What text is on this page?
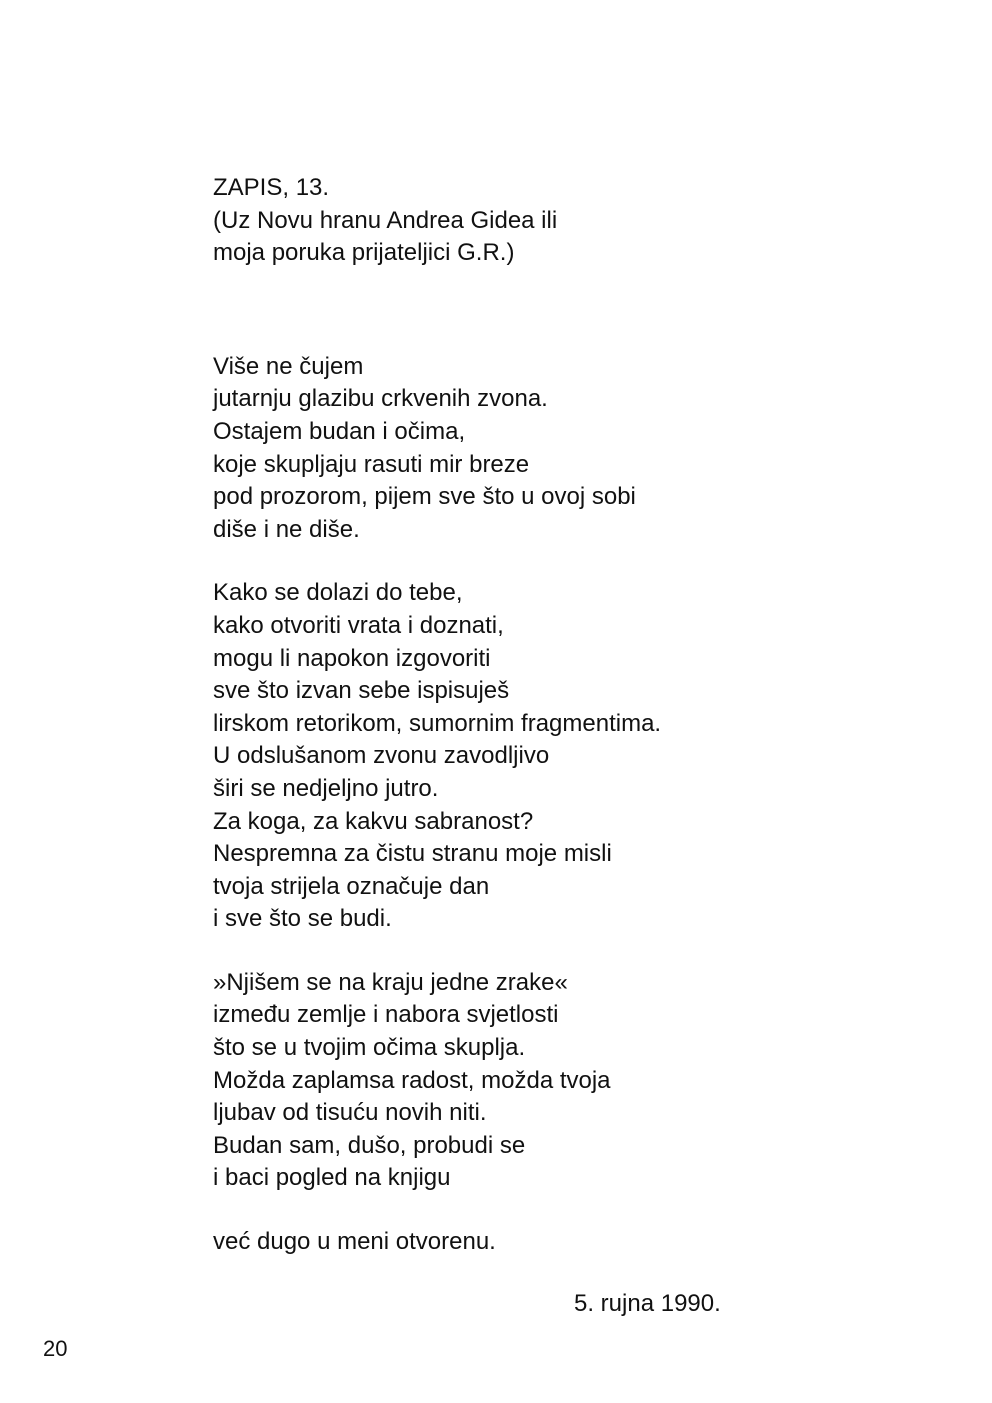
ZAPIS, 13.
(Uz Novu hranu Andrea Gidea ili
moja poruka prijateljici G.R.)
Više ne čujem
jutarnju glazibu crkvenih zvona.
Ostajem budan i očima,
koje skupljaju rasuti mir breze
pod prozorom, pijem sve što u ovoj sobi
diše i ne diše.
Kako se dolazi do tebe,
kako otvoriti vrata i doznati,
mogu li napokon izgovoriti
sve što izvan sebe ispisuješ
lirskom retorikom, sumornim fragmentima.
U odslušanom zvonu zavodljivo
širi se nedjeljno jutro.
Za koga, za kakvu sabranost?
Nespremna za čistu stranu moje misli
tvoja strijela označuje dan
i sve što se budi.
»Njišem se na kraju jedne zrake«
između zemlje i nabora svjetlosti
što se u tvojim očima skuplja.
Možda zaplamsa radost, možda tvoja
ljubav od tisuću novih niti.
Budan sam, dušo, probudi se
i baci pogled na knjigu
već dugo u meni otvorenu.
5. rujna 1990.
20
